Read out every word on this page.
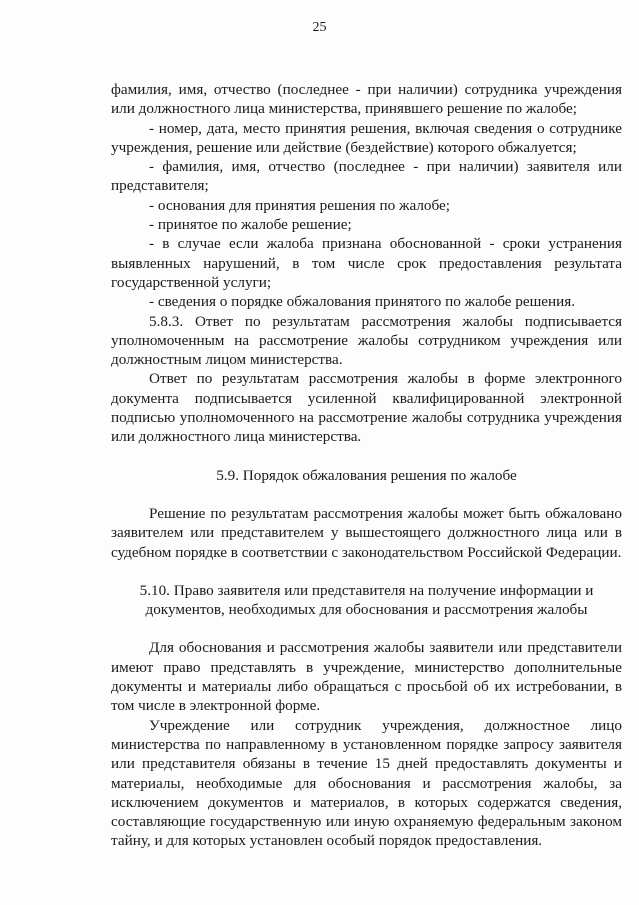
25

фамилия, имя, отчество (последнее - при наличии) сотрудника учреждения или должностного лица министерства, принявшего решение по жалобе;

- номер, дата, место принятия решения, включая сведения о сотруднике учреждения, решение или действие (бездействие) которого обжалуется;

- фамилия, имя, отчество (последнее - при наличии) заявителя или представителя;

- основания для принятия решения по жалобе;

- принятое по жалобе решение;

- в случае если жалоба признана обоснованной - сроки устранения выявленных нарушений, в том числе срок предоставления результата государственной услуги;

- сведения о порядке обжалования принятого по жалобе решения.

5.8.3. Ответ по результатам рассмотрения жалобы подписывается уполномоченным на рассмотрение жалобы сотрудником учреждения или должностным лицом министерства.

Ответ по результатам рассмотрения жалобы в форме электронного документа подписывается усиленной квалифицированной электронной подписью уполномоченного на рассмотрение жалобы сотрудника учреждения или должностного лица министерства.

5.9. Порядок обжалования решения по жалобе

Решение по результатам рассмотрения жалобы может быть обжаловано заявителем или представителем у вышестоящего должностного лица или в судебном порядке в соответствии с законодательством Российской Федерации.

5.10. Право заявителя или представителя на получение информации и

документов, необходимых для обоснования и рассмотрения жалобы

Для обоснования и рассмотрения жалобы заявители или представители имеют право представлять в учреждение, министерство дополнительные документы и материалы либо обращаться с просьбой об их истребовании, в том числе в электронной форме.

Учреждение или сотрудник учреждения, должностное лицо министерства по направленному в установленном порядке запросу заявителя или представителя обязаны в течение 15 дней предоставлять документы и материалы, необходимые для обоснования и рассмотрения жалобы, за исключением документов и материалов, в которых содержатся сведения, составляющие государственную или иную охраняемую федеральным законом тайну, и для которых установлен особый порядок предоставления.
